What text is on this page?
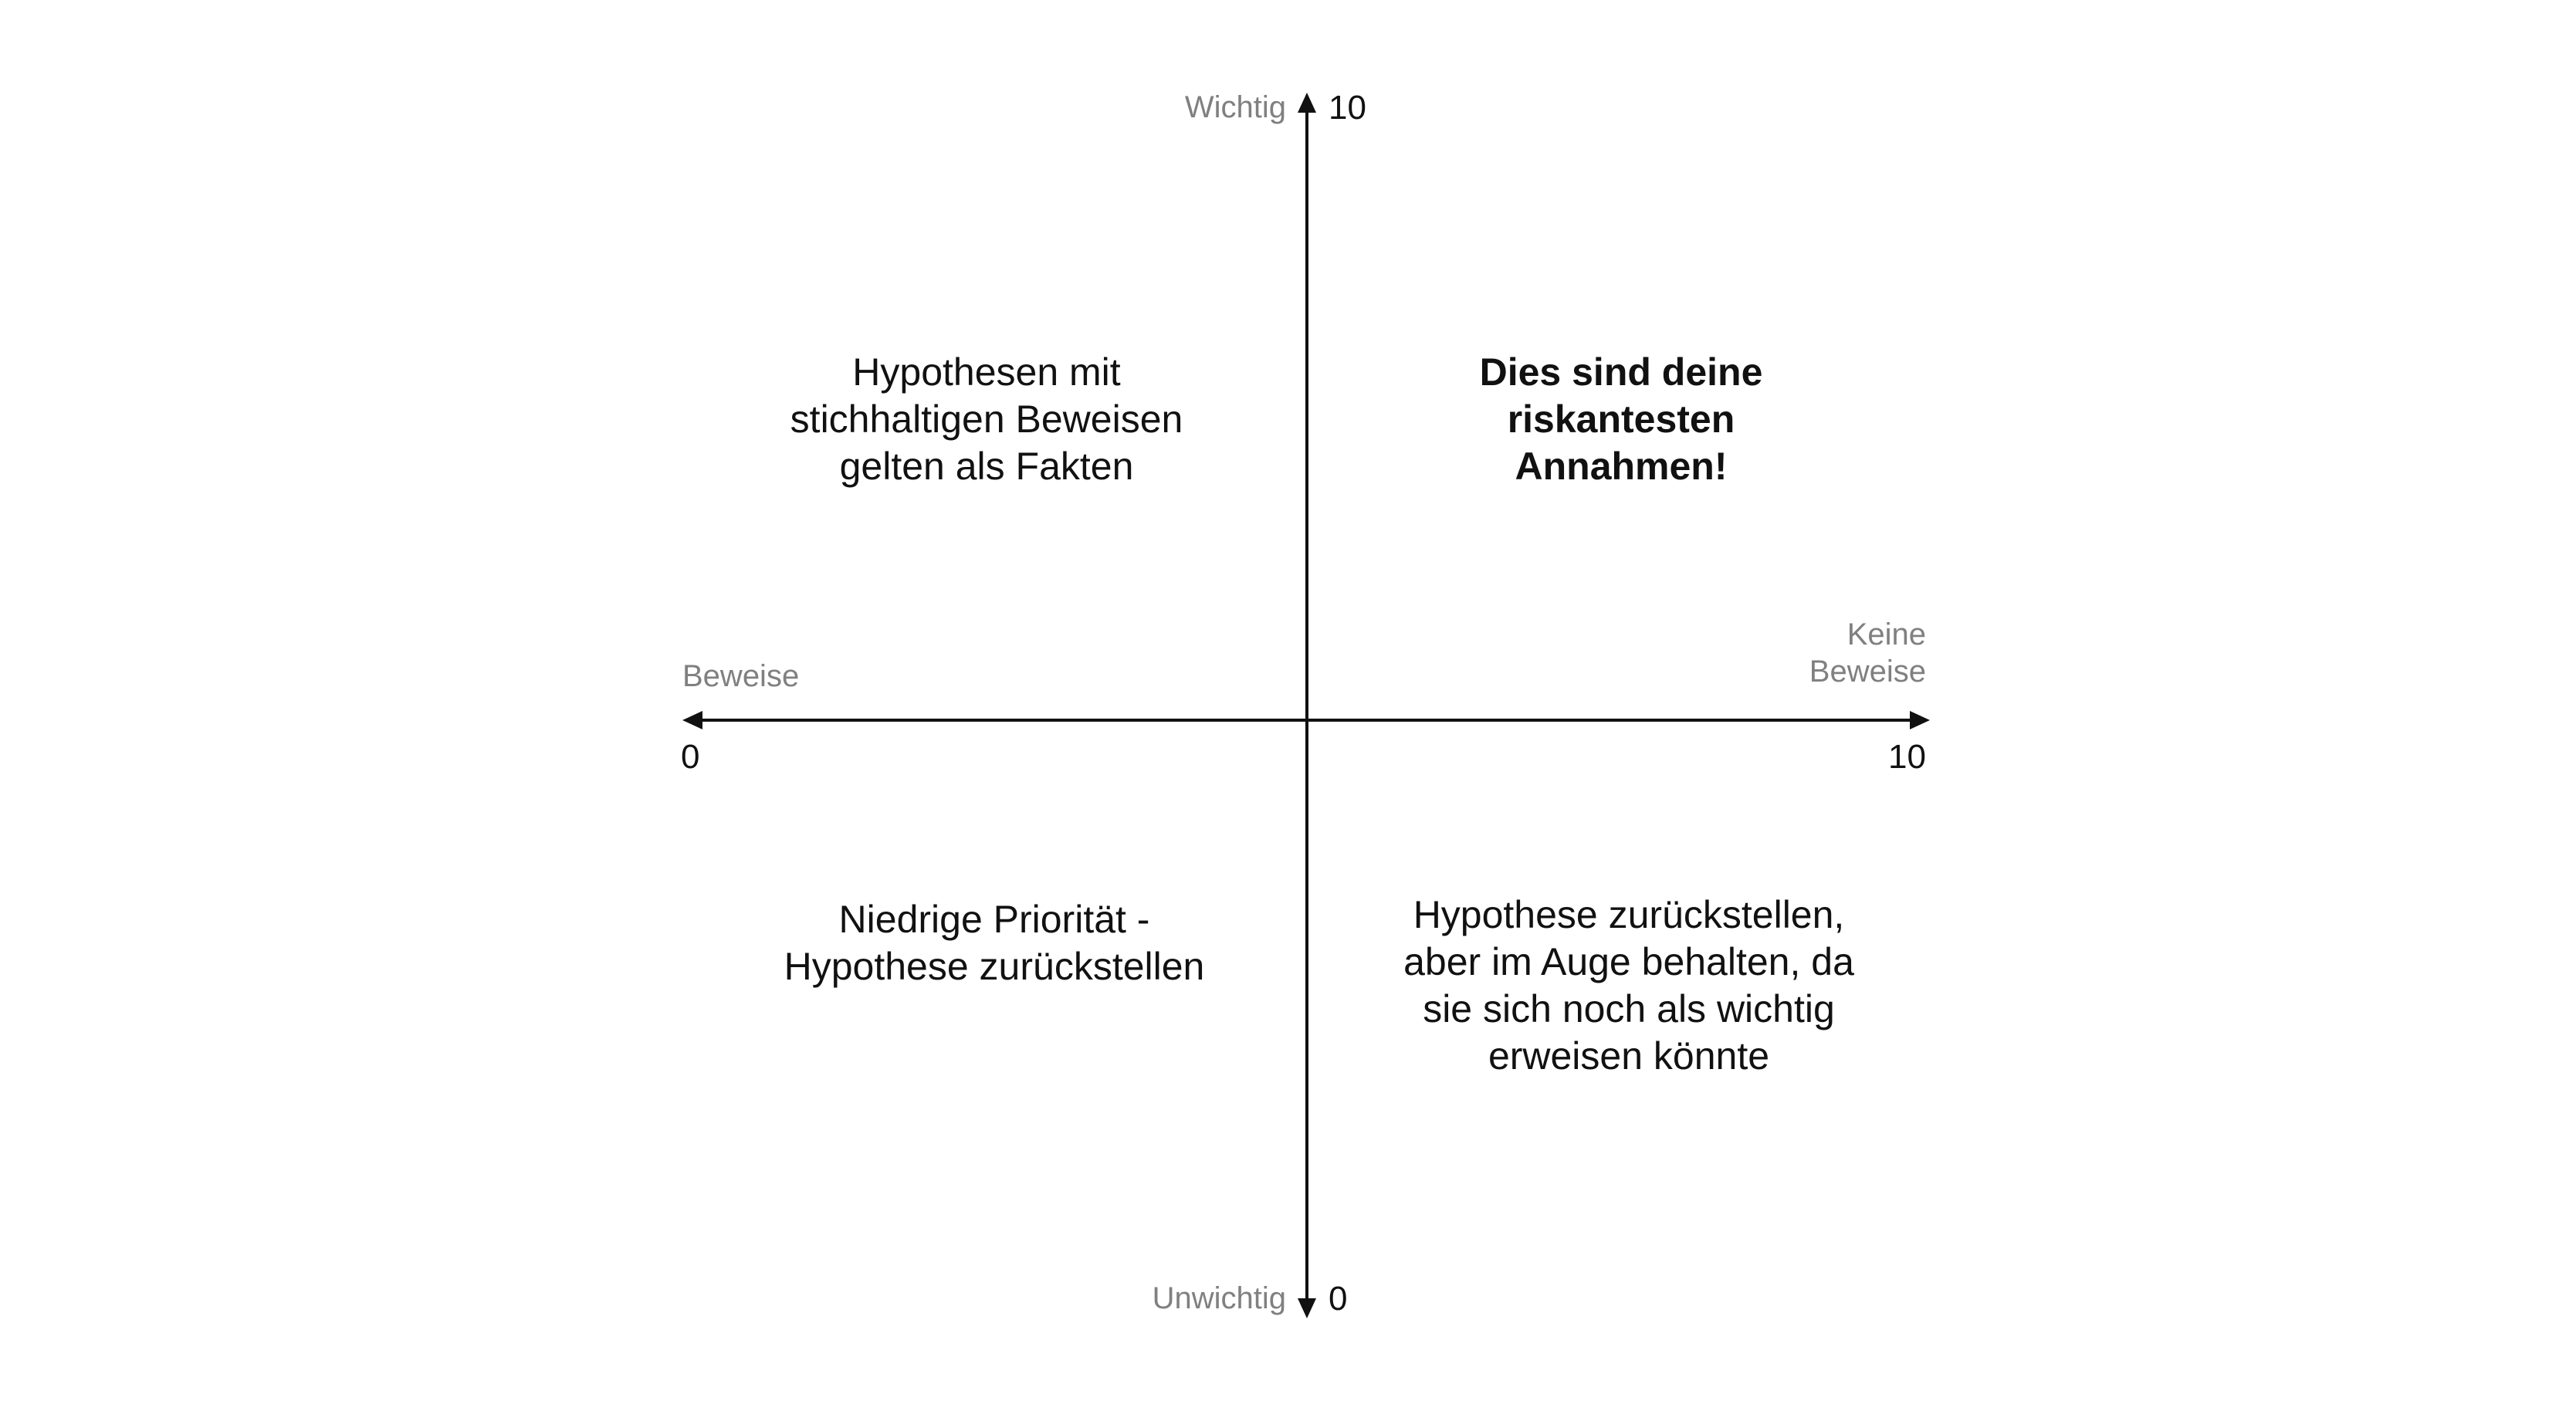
Wichtig 10
Unwichtig 0
Beweise
0
Keine
Beweise
10
Hypothesen mit
stichhaltigen Beweisen
gelten als Fakten
Dies sind deine
riskantesten
Annahmen!
Niedrige Priorität -
Hypothese zurückstellen
Hypothese zurückstellen,
aber im Auge behalten, da
sie sich noch als wichtig
erweisen könnte
